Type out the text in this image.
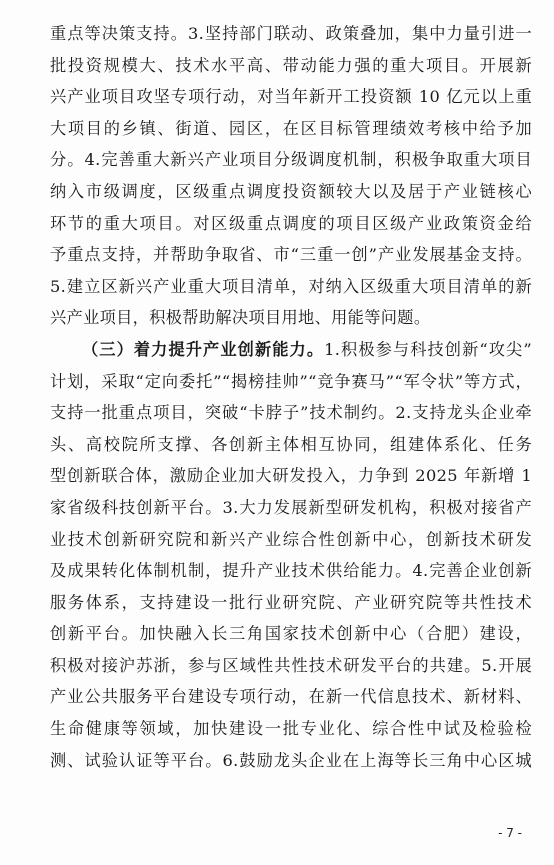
重点等决策支持。3.坚持部门联动、政策叠加，集中力量引进一
批投资规模大、技术水平高、带动能力强的重大项目。开展新
兴产业项目攻坚专项行动，对当年新开工投资额 10 亿元以上重
大项目的乡镇、街道、园区，在区目标管理绩效考核中给予加
分。4.完善重大新兴产业项目分级调度机制，积极争取重大项目
纳入市级调度，区级重点调度投资额较大以及居于产业链核心
环节的重大项目。对区级重点调度的项目区级产业政策资金给
予重点支持，并帮助争取省、市“三重一创”产业发展基金支持。
5.建立区新兴产业重大项目清单，对纳入区级重大项目清单的新
兴产业项目，积极帮助解决项目用地、用能等问题。
（三）着力提升产业创新能力。1.积极参与科技创新“攻尖”
计划，采取“定向委托”“揭榜挂帅”“竞争赛马”“军令状”等方式，
支持一批重点项目，突破“卡脖子”技术制约。2.支持龙头企业牵
头、高校院所支撑、各创新主体相互协同，组建体系化、任务
型创新联合体，激励企业加大研发投入，力争到 2025 年新增 1
家省级科技创新平台。3.大力发展新型研发机构，积极对接省产
业技术创新研究院和新兴产业综合性创新中心，创新技术研发
及成果转化体制机制，提升产业技术供给能力。4.完善企业创新
服务体系，支持建设一批行业研究院、产业研究院等共性技术
创新平台。加快融入长三角国家技术创新中心（合肥）建设，
积极对接沪苏浙，参与区域性共性技术研发平台的共建。5.开展
产业公共服务平台建设专项行动，在新一代信息技术、新材料、
生命健康等领域，加快建设一批专业化、综合性中试及检验检
测、试验认证等平台。6.鼓励龙头企业在上海等长三角中心区城
- 7 -
